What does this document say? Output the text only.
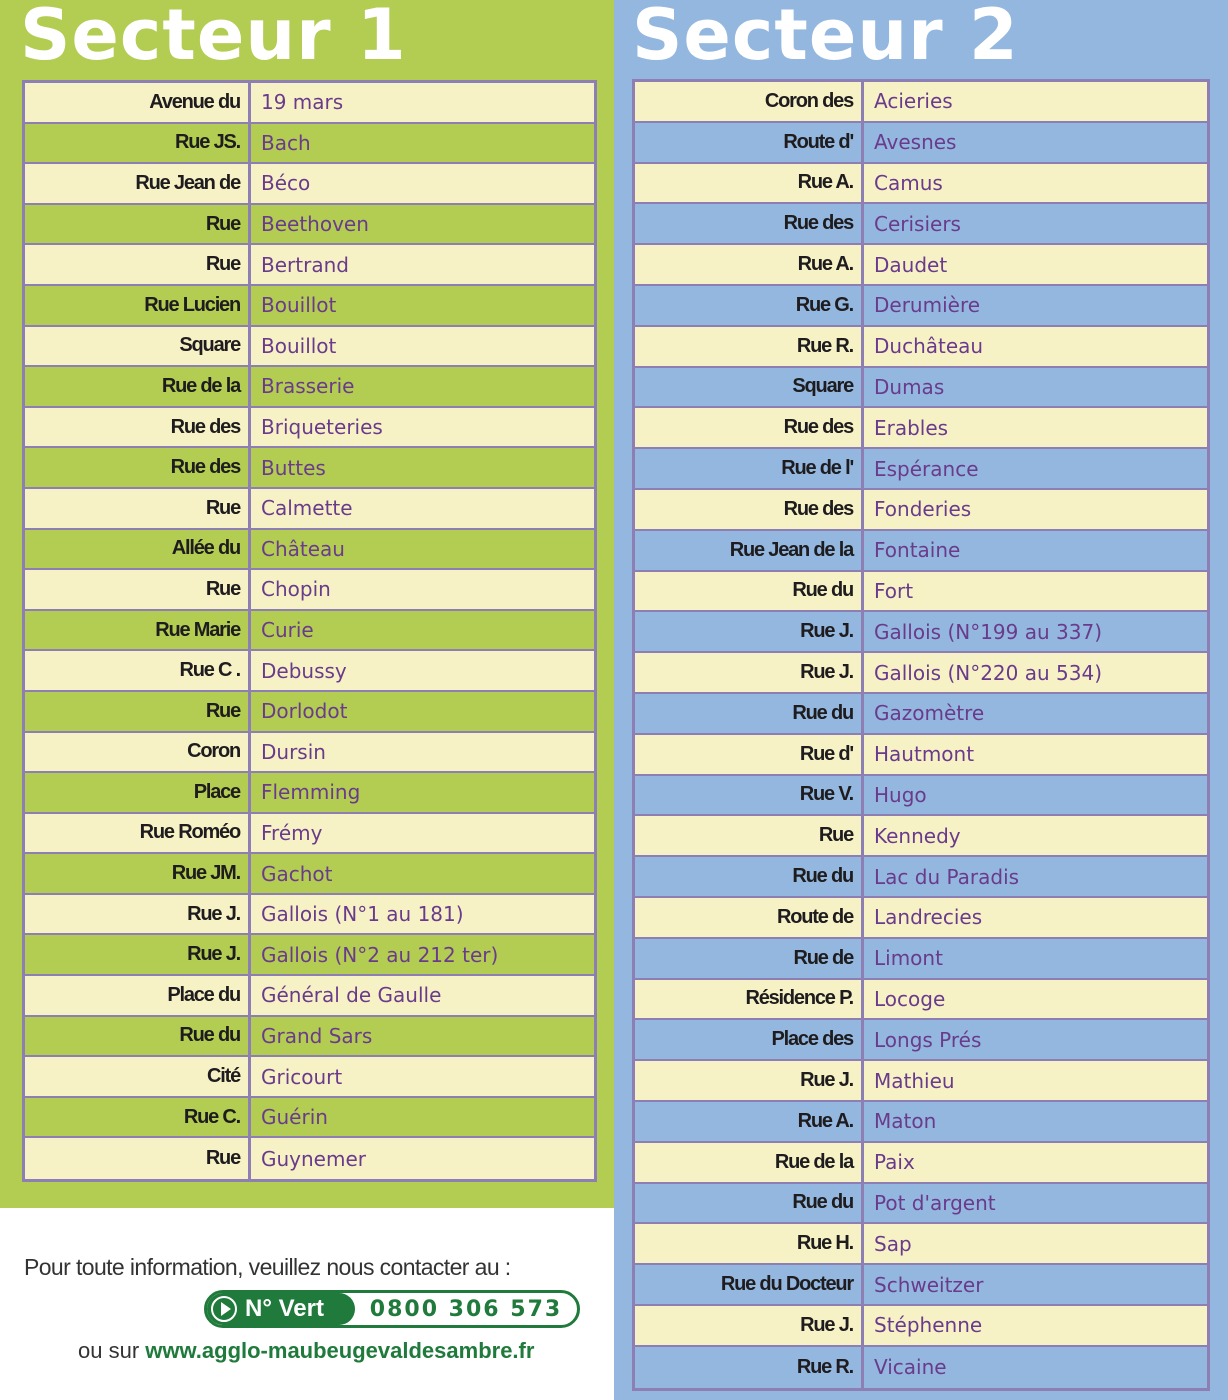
Secteur 1
Avenue du	19 mars
Rue JS.	Bach
Rue Jean de	Béco
Rue	Beethoven
Rue	Bertrand
Rue Lucien	Bouillot
Square	Bouillot
Rue de la	Brasserie
Rue des	Briqueteries
Rue des	Buttes
Rue	Calmette
Allée du	Château
Rue	Chopin
Rue Marie	Curie
Rue C .	Debussy
Rue	Dorlodot
Coron	Dursin
Place	Flemming
Rue Roméo	Frémy
Rue JM.	Gachot
Rue J.	Gallois (N°1 au 181)
Rue J.	Gallois (N°2 au 212 ter)
Place du	Général de Gaulle
Rue du	Grand Sars
Cité	Gricourt
Rue C.	Guérin
Rue	Guynemer
Secteur 2
Coron des	Acieries
Route d'	Avesnes
Rue A.	Camus
Rue des	Cerisiers
Rue A.	Daudet
Rue G.	Derumière
Rue R.	Duchâteau
Square	Dumas
Rue des	Erables
Rue de l'	Espérance
Rue des	Fonderies
Rue Jean de la	Fontaine
Rue du	Fort
Rue J.	Gallois (N°199 au 337)
Rue J.	Gallois (N°220 au 534)
Rue du	Gazomètre
Rue d'	Hautmont
Rue V.	Hugo
Rue	Kennedy
Rue du	Lac du Paradis
Route de	Landrecies
Rue de	Limont
Résidence P.	Locoge
Place des	Longs Prés
Rue J.	Mathieu
Rue A.	Maton
Rue de la	Paix
Rue du	Pot d'argent
Rue H.	Sap
Rue du Docteur	Schweitzer
Rue J.	Stéphenne
Rue R.	Vicaine
Pour toute information, veuillez nous contacter au :
N° Vert	0800 306 573
ou sur www.agglo-maubeugevaldesambre.fr
